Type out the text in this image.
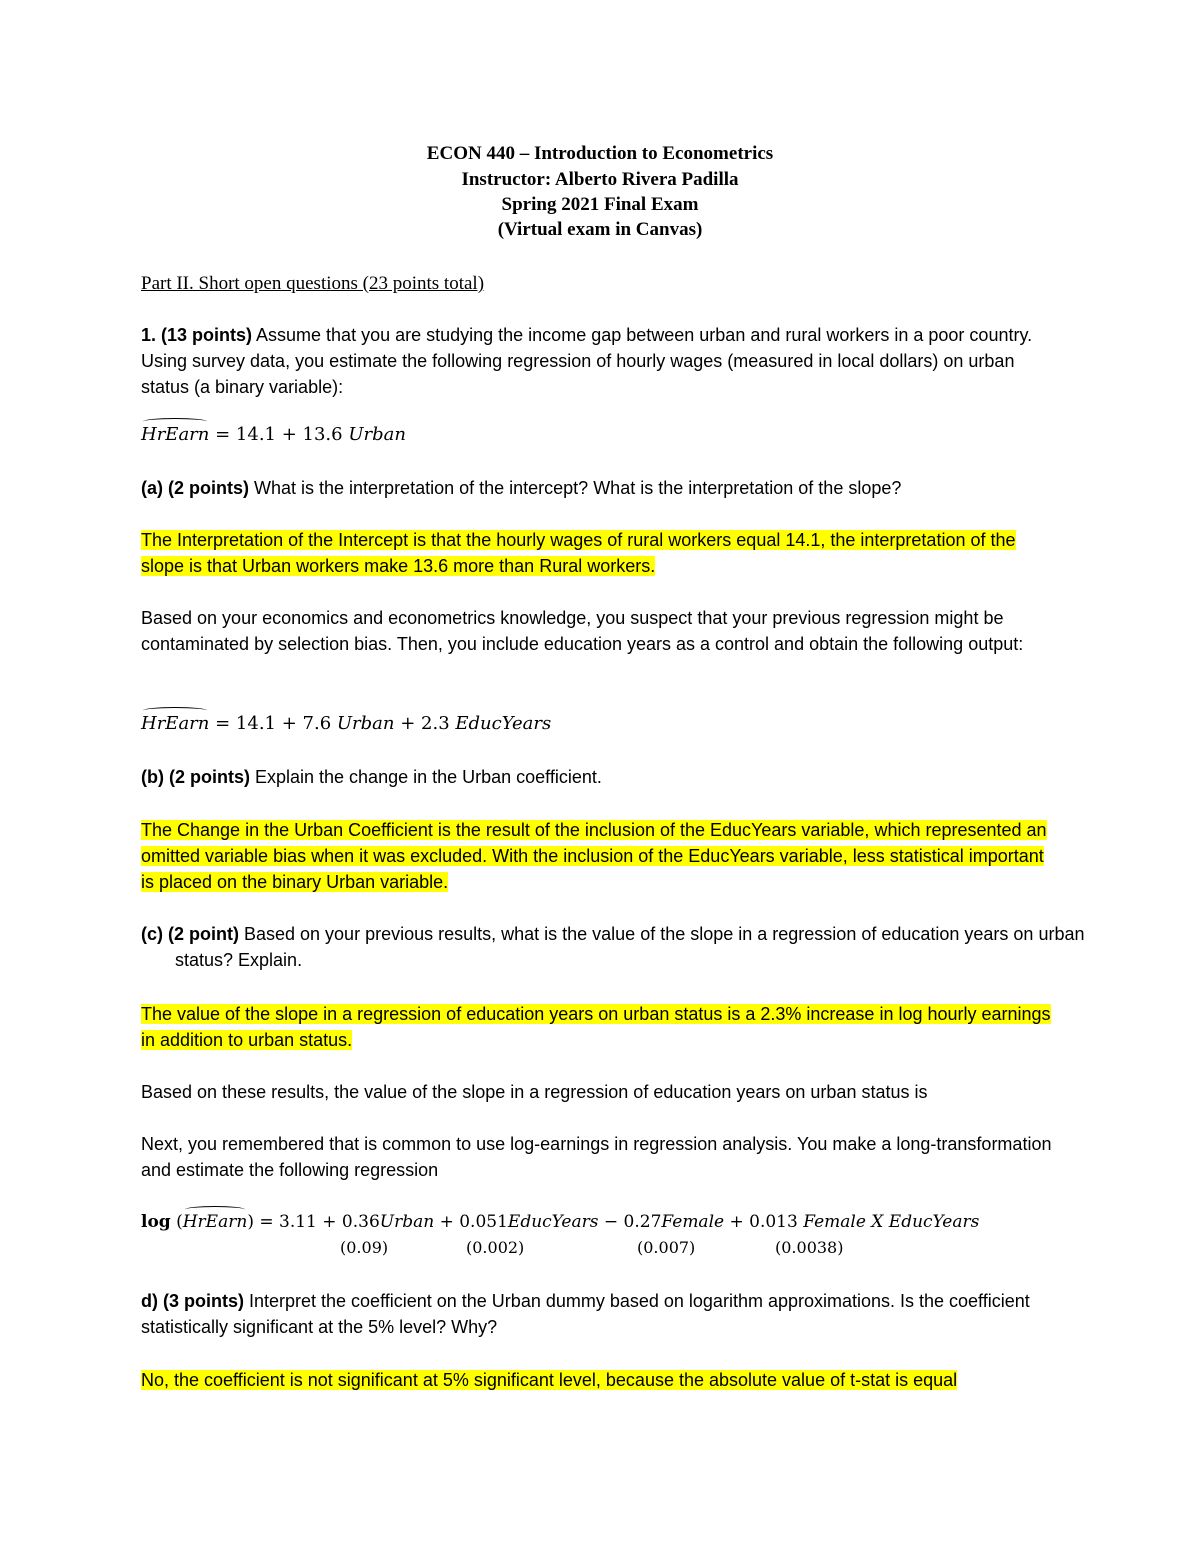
ECON 440 – Introduction to Econometrics
Instructor: Alberto Rivera Padilla
Spring 2021 Final Exam
(Virtual exam in Canvas)
Part II. Short open questions (23 points total)
1. (13 points) Assume that you are studying the income gap between urban and rural workers in a poor country. Using survey data, you estimate the following regression of hourly wages (measured in local dollars) on urban status (a binary variable):
HrEarn = 14.1 + 13.6 Urban
(a) (2 points) What is the interpretation of the intercept? What is the interpretation of the slope?
The Interpretation of the Intercept is that the hourly wages of rural workers equal 14.1, the interpretation of the slope is that Urban workers make 13.6 more than Rural workers.
Based on your economics and econometrics knowledge, you suspect that your previous regression might be contaminated by selection bias. Then, you include education years as a control and obtain the following output:
HrEarn = 14.1 + 7.6 Urban + 2.3 EducYears
(b) (2 points) Explain the change in the Urban coefficient.
The Change in the Urban Coefficient is the result of the inclusion of the EducYears variable, which represented an omitted variable bias when it was excluded. With the inclusion of the EducYears variable, less statistical important is placed on the binary Urban variable.
(c) (2 point) Based on your previous results, what is the value of the slope in a regression of education years on urban status? Explain.
The value of the slope in a regression of education years on urban status is a 2.3% increase in log hourly earnings in addition to urban status.
Based on these results, the value of the slope in a regression of education years on urban status is
Next, you remembered that is common to use log-earnings in regression analysis. You make a long-transformation and estimate the following regression
log (HrEarn) = 3.11 + 0.36Urban + 0.051EducYears − 0.27Female + 0.013 Female X EducYears
(0.09)	(0.002)	(0.007)	(0.0038)
d) (3 points) Interpret the coefficient on the Urban dummy based on logarithm approximations. Is the coefficient statistically significant at the 5% level? Why?
No, the coefficient is not significant at 5% significant level, because the absolute value of t-stat is equal
